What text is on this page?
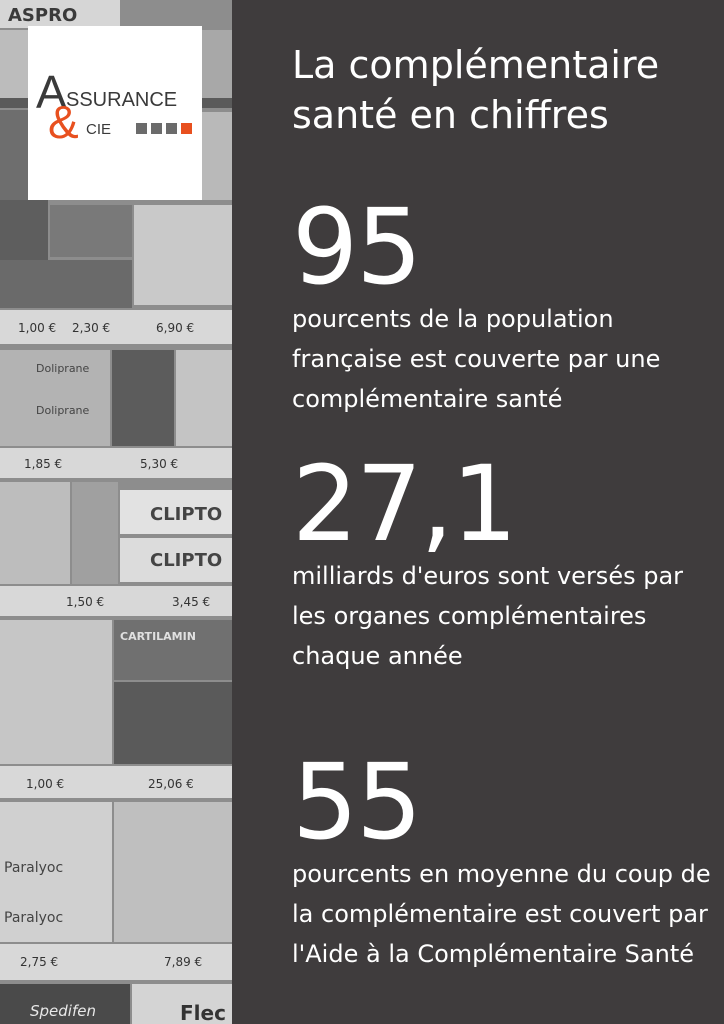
ASPRO
CLIPTO
CLIPTO
CARTILAMIN
Paralyoc
Paralyoc
Spedifen	Flec
Doliprane
Doliprane
1,00 € 2,30 €	6,90 €
1,85 €	5,30 €
1,50 €	3,45 €
1,00 €	25,06 €
2,75 €	7,89 €
A SSURANCE
& CIE
La complémentaire santé en chiffres

95

pourcents de la population française est couverte par une complémentaire santé

27,1

milliards d'euros sont versés par les organes complémentaires chaque année

55

pourcents en moyenne du coup de la complémentaire est couvert par l'Aide à la Complémentaire Santé
